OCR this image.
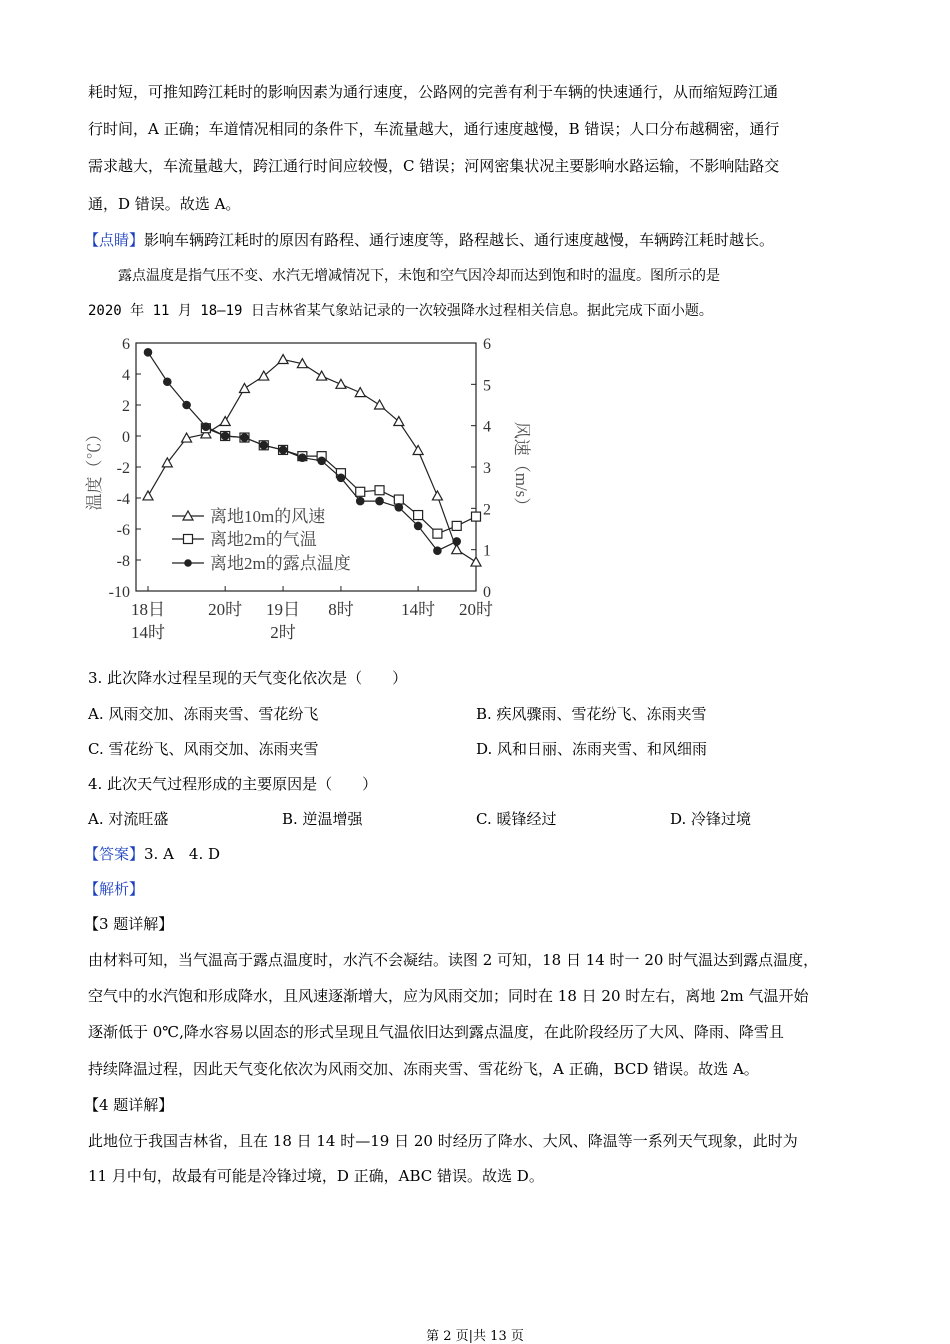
耗时短，可推知跨江耗时的影响因素为通行速度，公路网的完善有利于车辆的快速通行，从而缩短跨江通
行时间，A 正确；车道情况相同的条件下，车流量越大，通行速度越慢，B 错误；人口分布越稠密，通行
需求越大，车流量越大，跨江通行时间应较慢，C 错误；河网密集状况主要影响水路运输，不影响陆路交
通，D 错误。故选 A。
【点睛】影响车辆跨江耗时的原因有路程、通行速度等，路程越长、通行速度越慢，车辆跨江耗时越长。
露点温度是指气压不变、水汽无增减情况下，未饱和空气因冷却而达到饱和时的温度。图所示的是
2020 年 11 月 18—19 日吉林省某气象站记录的一次较强降水过程相关信息。据此完成下面小题。
6
4
2
0
-2
-4
-6
-8
-10
6
5
4
3
2
1
0
温度（℃）	风速（m/s）
18日
14时
20时 19日
2时
8时	14时 20时
离地10m的风速
离地2m的气温
离地2m的露点温度
3. 此次降水过程呈现的天气变化依次是（　　）
A. 风雨交加、冻雨夹雪、雪花纷飞	B. 疾风骤雨、雪花纷飞、冻雨夹雪
C. 雪花纷飞、风雨交加、冻雨夹雪	D. 风和日丽、冻雨夹雪、和风细雨
4. 此次天气过程形成的主要原因是（　　）
A. 对流旺盛	B. 逆温增强	C. 暖锋经过	D. 冷锋过境
【答案】3. A　4. D
【解析】
【3 题详解】
由材料可知，当气温高于露点温度时，水汽不会凝结。读图 2 可知，18 日 14 时一 20 时气温达到露点温度，
空气中的水汽饱和形成降水，且风速逐渐增大，应为风雨交加；同时在 18 日 20 时左右，离地 2m 气温开始
逐渐低于 0℃,降水容易以固态的形式呈现且气温依旧达到露点温度，在此阶段经历了大风、降雨、降雪且
持续降温过程，因此天气变化依次为风雨交加、冻雨夹雪、雪花纷飞，A 正确，BCD 错误。故选 A。
【4 题详解】
此地位于我国吉林省，且在 18 日 14 时—19 日 20 时经历了降水、大风、降温等一系列天气现象，此时为
11 月中旬，故最有可能是冷锋过境，D 正确，ABC 错误。故选 D。
第 2 页|共 13 页
